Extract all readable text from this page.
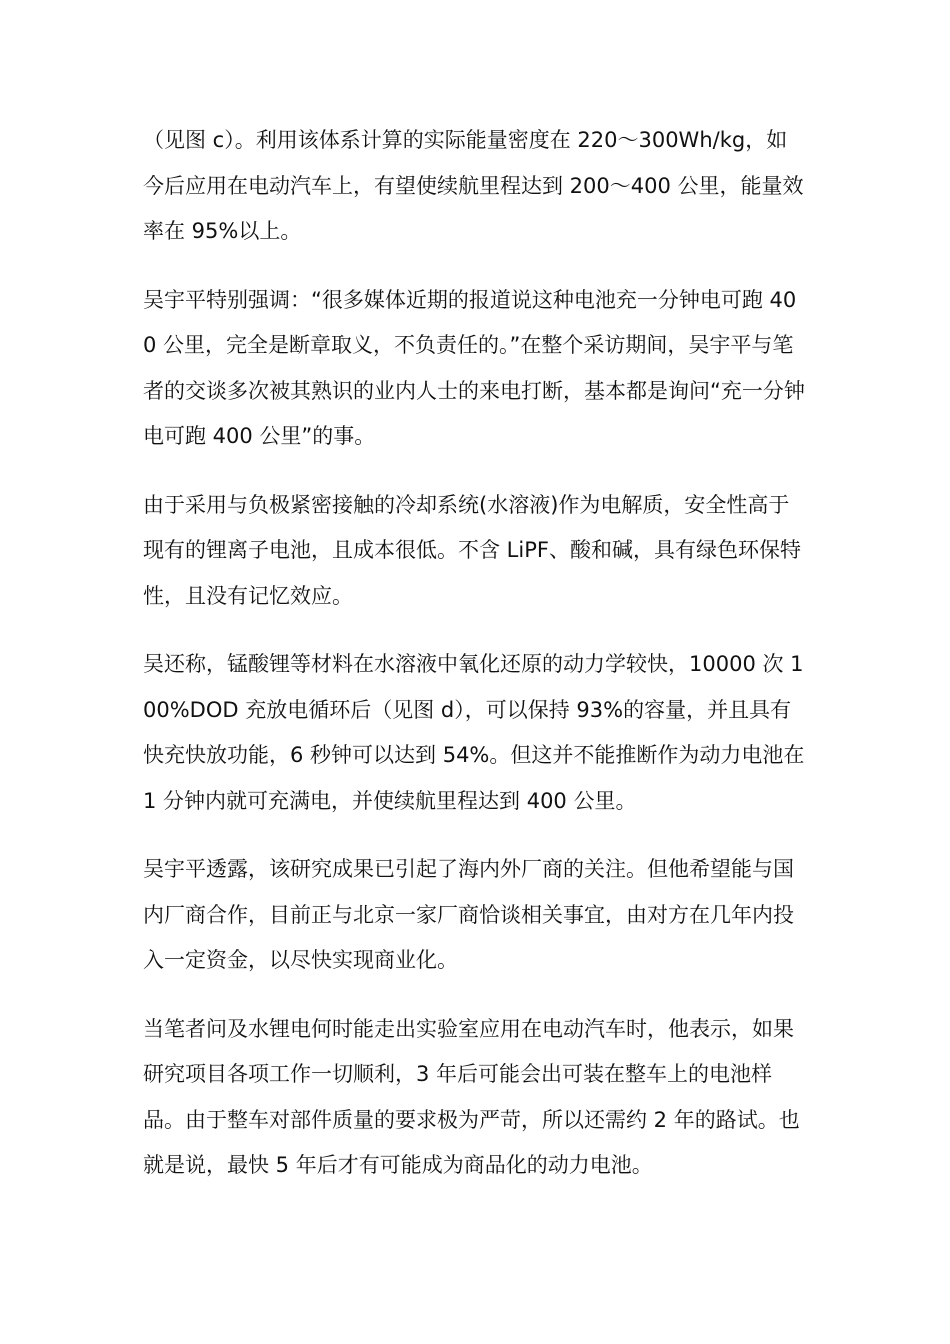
（见图 c）。利用该体系计算的实际能量密度在 220～300Wh/kg，如今后应用在电动汽车上，有望使续航里程达到 200～400 公里，能量效率在 95%以上。

吴宇平特别强调：“很多媒体近期的报道说这种电池充一分钟电可跑 400 公里，完全是断章取义，不负责任的。”在整个采访期间，吴宇平与笔者的交谈多次被其熟识的业内人士的来电打断，基本都是询问“充一分钟电可跑 400 公里”的事。

由于采用与负极紧密接触的冷却系统(水溶液)作为电解质，安全性高于现有的锂离子电池，且成本很低。不含 LiPF、酸和碱，具有绿色环保特性，且没有记忆效应。

吴还称，锰酸锂等材料在水溶液中氧化还原的动力学较快，10000 次 100%DOD 充放电循环后（见图 d），可以保持 93%的容量，并且具有快充快放功能，6 秒钟可以达到 54%。但这并不能推断作为动力电池在 1 分钟内就可充满电，并使续航里程达到 400 公里。

吴宇平透露，该研究成果已引起了海内外厂商的关注。但他希望能与国内厂商合作，目前正与北京一家厂商恰谈相关事宜，由对方在几年内投入一定资金，以尽快实现商业化。

当笔者问及水锂电何时能走出实验室应用在电动汽车时，他表示，如果研究项目各项工作一切顺利，3 年后可能会出可装在整车上的电池样品。由于整车对部件质量的要求极为严苛，所以还需约 2 年的路试。也就是说，最快 5 年后才有可能成为商品化的动力电池。
